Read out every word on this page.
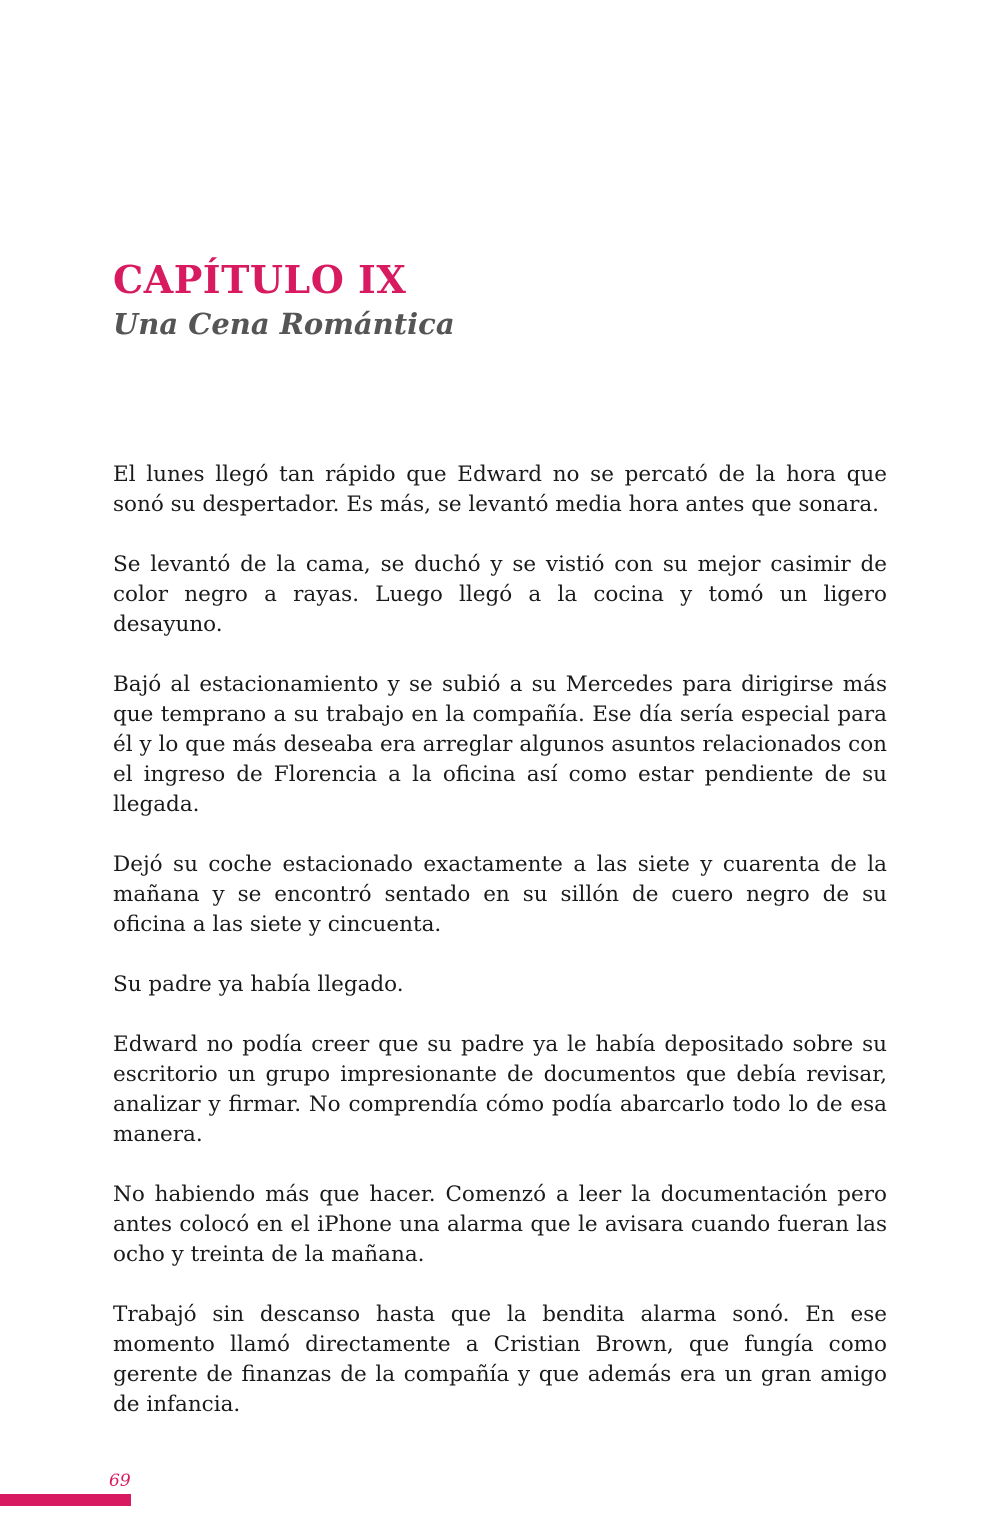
CAPÍTULO IX
Una Cena Romántica

El lunes llegó tan rápido que Edward no se percató de la hora que sonó su despertador. Es más, se levantó media hora antes que sonara.

Se levantó de la cama, se duchó y se vistió con su mejor casimir de color negro a rayas. Luego llegó a la cocina y tomó un ligero desayuno.

Bajó al estacionamiento y se subió a su Mercedes para dirigirse más que temprano a su trabajo en la compañía. Ese día sería especial para él y lo que más deseaba era arreglar algunos asuntos relacionados con el ingreso de Florencia a la oficina así como estar pendiente de su llegada.

Dejó su coche estacionado exactamente a las siete y cuarenta de la mañana y se encontró sentado en su sillón de cuero negro de su oficina a las siete y cincuenta.

Su padre ya había llegado.

Edward no podía creer que su padre ya le había depositado sobre su escritorio un grupo impresionante de documentos que debía revisar, analizar y firmar. No comprendía cómo podía abarcarlo todo lo de esa manera.

No habiendo más que hacer. Comenzó a leer la documentación pero antes colocó en el iPhone una alarma que le avisara cuando fueran las ocho y treinta de la mañana.

Trabajó sin descanso hasta que la bendita alarma sonó. En ese momento llamó directamente a Cristian Brown, que fungía como gerente de finanzas de la compañía y que además era un gran amigo de infancia.

69
